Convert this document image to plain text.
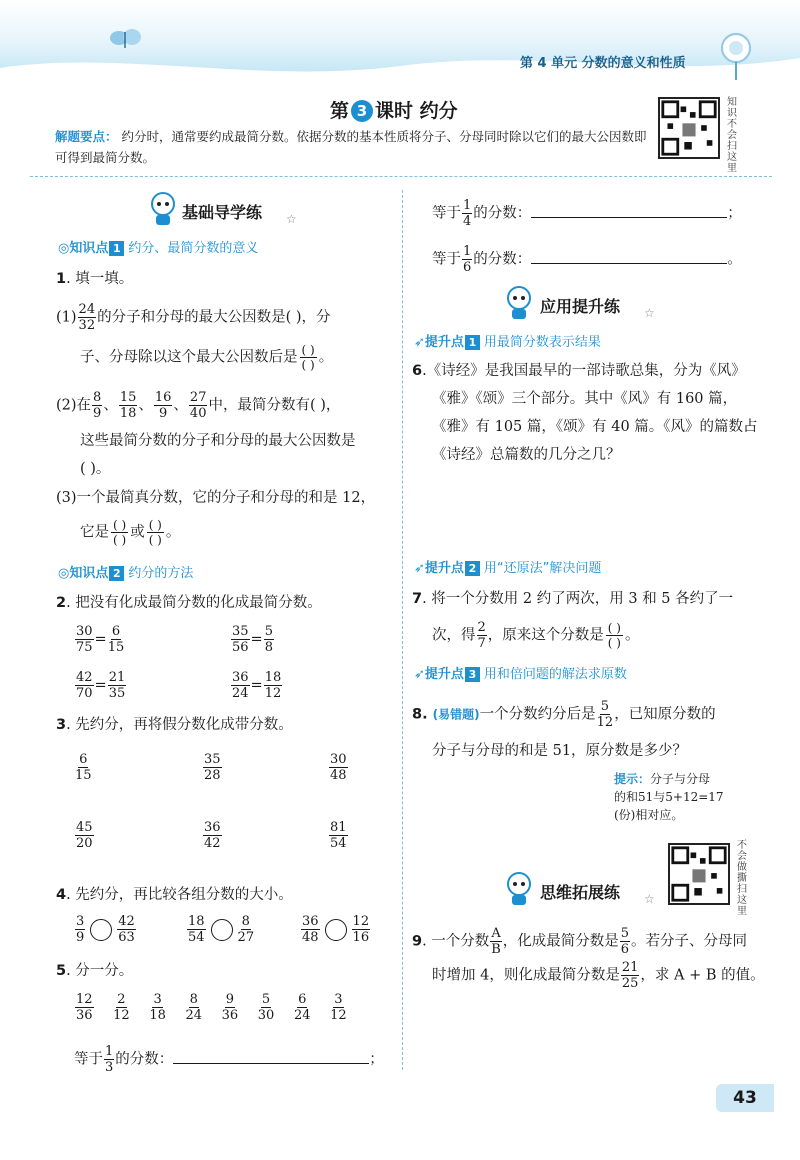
第 4 单元 分数的意义和性质
第 3 课时 约分
解题要点： 约分时，通常要约成最简分数。依据分数的基本性质将分子、分母同时除以它们的最大公因数即可得到最简分数。
知识不会扫这里
基础导学练 ☆
◎知识点 1 约分、最简分数的意义
1. 填一填。
$(1) \frac{24}{32}$ 的分子和分母的最大公因数是( )，分
子、分母除以这个最大公因数后是 $\frac{( )}{( )}$ 。
(2)在 $\frac{8}{9}$ 、 $\frac{15}{18}$ 、 $\frac{16}{9}$ 、 $\frac{27}{40}$ 中，最简分数有( )，
这些最简分数的分子和分母的最大公因数是
( )。
(3)一个最简真分数，它的分子和分母的和是 12，
它是 $\frac{( )}{( )}$ 或 $\frac{( )}{( )}$ 。
◎知识点 2 约分的方法
2. 把没有化成最简分数的化成最简分数。
$\frac{30}{75} = \frac{6}{15}$	$\frac{35}{56} = \frac{5}{8}$
$\frac{42}{70} = \frac{21}{35}$	$\frac{36}{24} = \frac{18}{12}$
3. 先约分，再将假分数化成带分数。
$\frac{6}{15}$	$\frac{35}{28}$	$\frac{30}{48}$
$\frac{45}{20}$	$\frac{36}{42}$	$\frac{81}{54}$
4. 先约分，再比较各组分数的大小。
$\frac{3}{9} \frac{42}{63}$	$\frac{18}{54} \frac{8}{27}$	$\frac{36}{48} \frac{12}{16}$
5. 分一分。
$\frac{12}{36}$
$\frac{2}{12}$
$\frac{3}{18}$
$\frac{8}{24}$
$\frac{9}{36}$
$\frac{5}{30}$
$\frac{6}{24}$
$\frac{3}{12}$
等于 $\frac{1}{3}$ 的分数：	；
等于 $\frac{1}{4}$ 的分数：	；
等于 $\frac{1}{6}$ 的分数：	。
应用提升练 ☆
➶提升点 1 用最简分数表示结果
6.《诗经》是我国最早的一部诗歌总集，分为《风》
《雅》《颂》三个部分。其中《风》有 160 篇，
《雅》有 105 篇，《颂》有 40 篇。《风》的篇数占
《诗经》总篇数的几分之几？
➶提升点 2 用“还原法”解决问题
7. 将一个分数用 2 约了两次，用 3 和 5 各约了一
次，得 $\frac{2}{7}$ ，原来这个分数是 $\frac{( )}{( )}$ 。
➶提升点 3 用和倍问题的解法求原数
8. (易错题)一个分数约分后是 $\frac{5}{12}$ ，已知原分数的
分子与分母的和是 51，原分数是多少？
提示：分子与分母
的和51与5+12=17
(份)相对应。
不会做撕扫这里
思维拓展练 ☆
9. 一个分数 $\frac{A}{B}$ ，化成最简分数是 $\frac{5}{6}$ 。若分子、分母同
时增加 4，则化成最简分数是 $\frac{21}{25}$ ，求 A + B 的值。
43
